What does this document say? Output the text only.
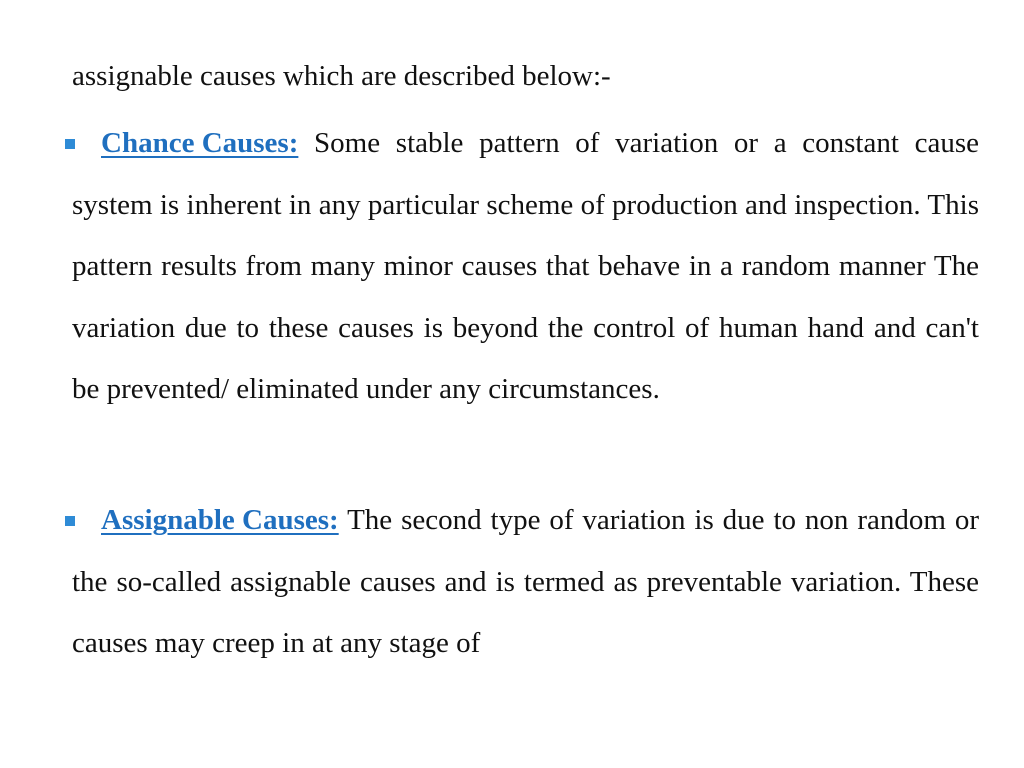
assignable causes which are described below:-

Chance Causes: Some stable pattern of variation or a constant cause system is inherent in any particular scheme of production and inspection. This pattern results from many minor causes that behave in a random manner The variation due to these causes is beyond the control of human hand and can't be prevented/ eliminated under any circumstances.
Assignable Causes: The second type of variation is due to non random or the so-called assignable causes and is termed as preventable variation. These causes may creep in at any stage of
